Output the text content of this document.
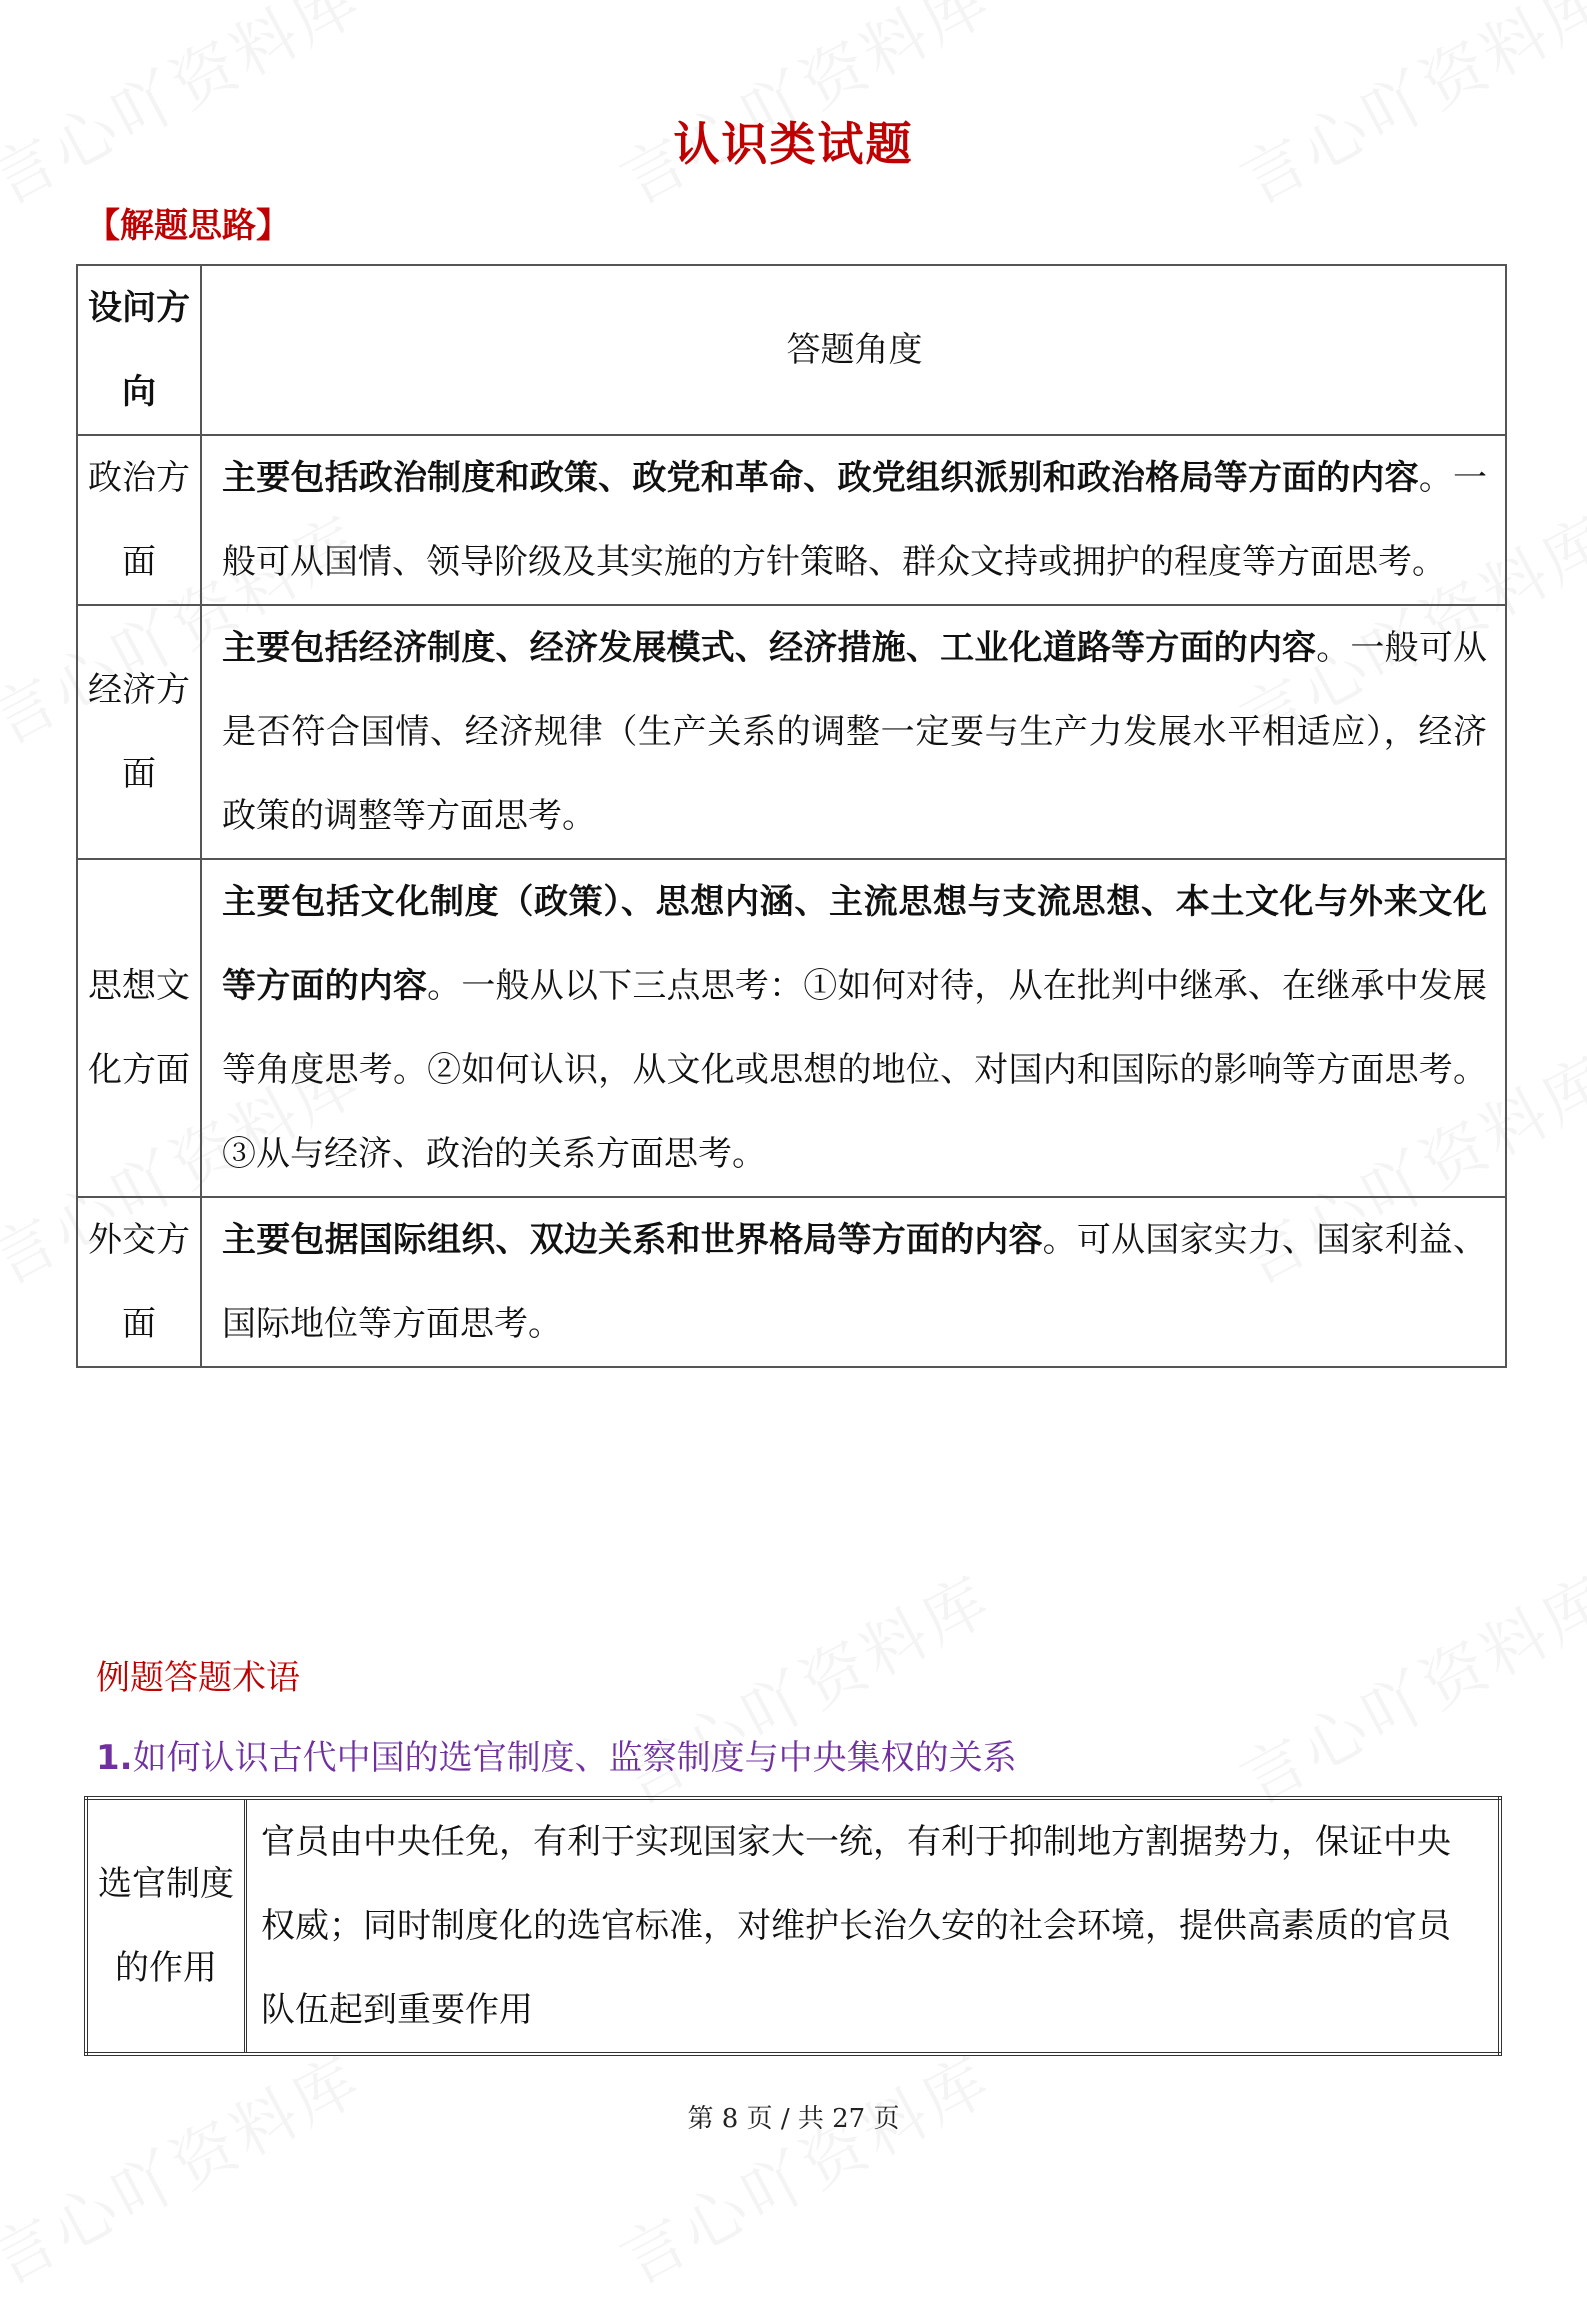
认识类试题
【解题思路】
设问方向	答题角度
政治方面	主要包括政治制度和政策、政党和革命、政党组织派别和政治格局等方面的内容。一般可从国情、领导阶级及其实施的方针策略、群众文持或拥护的程度等方面思考。
经济方面	主要包括经济制度、经济发展模式、经济措施、工业化道路等方面的内容。一般可从是否符合国情、经济规律（生产关系的调整一定要与生产力发展水平相适应），经济政策的调整等方面思考。
思想文化方面	主要包括文化制度（政策）、思想内涵、主流思想与支流思想、本土文化与外来文化等方面的内容。一般从以下三点思考：①如何对待，从在批判中继承、在继承中发展等角度思考。②如何认识，从文化或思想的地位、对国内和国际的影响等方面思考。③从与经济、政治的关系方面思考。
外交方面	主要包据国际组织、双边关系和世界格局等方面的内容。可从国家实力、国家利益、国际地位等方面思考。
例题答题术语
1.如何认识古代中国的选官制度、监察制度与中央集权的关系
选官制度的作用	官员由中央任免，有利于实现国家大一统，有利于抑制地方割据势力，保证中央权威；同时制度化的选官标准，对维护长治久安的社会环境，提供高素质的官员队伍起到重要作用
第 8 页 / 共 27 页
